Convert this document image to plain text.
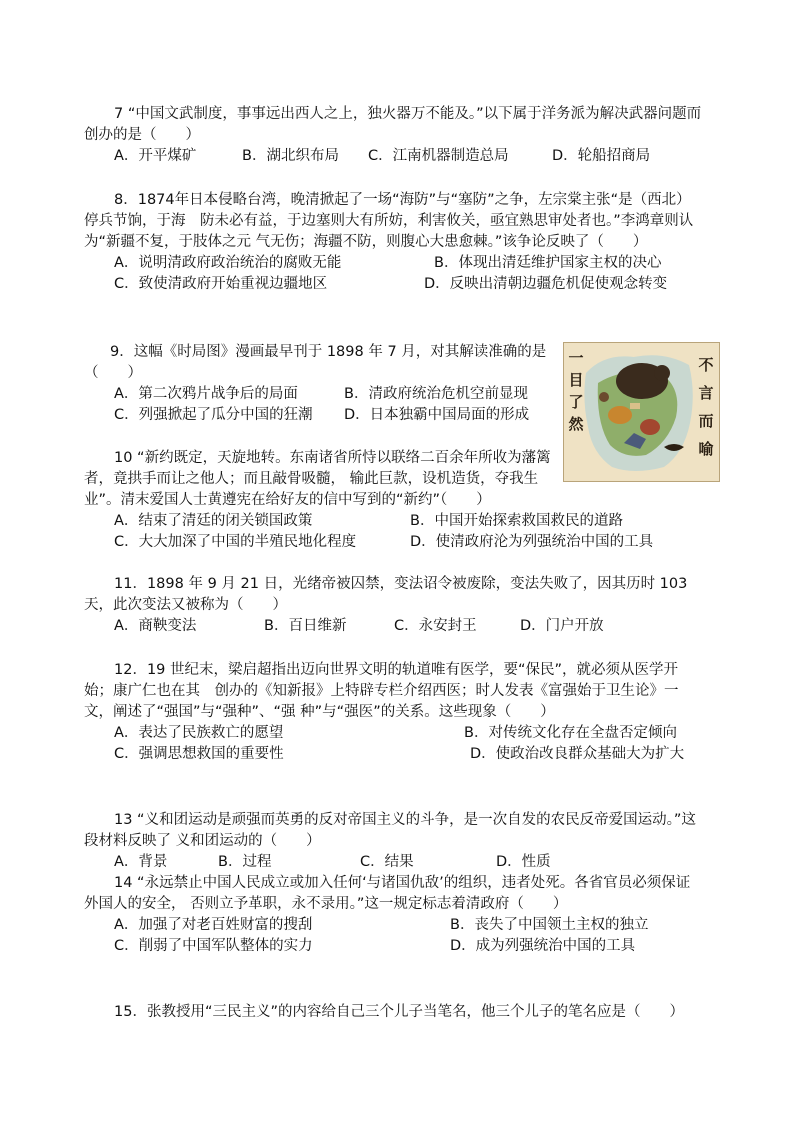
7 “中国文武制度，事事远出西人之上，独火器万不能及。”以下属于洋务派为解决武器问题而创办的是（　　）

A．开平煤矿	B．湖北织布局 C．江南机器制造总局	D．轮船招商局

8．1874年日本侵略台湾，晚清掀起了一场“海防”与“塞防”之争，左宗棠主张“是（西北）停兵节饷，于海　防未必有益，于边塞则大有所妨，利害攸关，亟宜熟思审处者也。”李鸿章则认为“新疆不复，于肢体之元 气无伤；海疆不防，则腹心大患愈棘。”该争论反映了（　　）

A．说明清政府政治统治的腐败无能	B．体现出清廷维护国家主权的决心
C．致使清政府开始重视边疆地区	D．反映出清朝边疆危机促使观念转变

9．这幅《时局图》漫画最早刊于 1898 年 7 月，对其解读准确的是（　　）

A．第二次鸦片战争后的局面	B．清政府统治危机空前显现
C．列强掀起了瓜分中国的狂潮 D．日本独霸中国局面的形成
一
目
了
然
不
言
而
喻

10 “新约既定，天旋地转。东南诸省所恃以联络二百余年所收为藩篱者，竟拱手而让之他人；而且敲骨吸髓， 输此巨款，设机造货，夺我生业”。清末爱国人士黄遵宪在给好友的信中写到的“新约”（　　）

A．结束了清廷的闭关锁国政策	B．中国开始探索救国救民的道路
C．大大加深了中国的半殖民地化程度	D．使清政府沦为列强统治中国的工具

11．1898 年 9 月 21 日，光绪帝被囚禁，变法诏令被废除，变法失败了，因其历时 103 天，此次变法又被称为（　　）

A．商鞅变法	B．百日维新	C．永安封王	D．门户开放

12．19 世纪末，梁启超指出迈向世界文明的轨道唯有医学，要“保民”，就必须从医学开始；康广仁也在其　创办的《知新报》上特辟专栏介绍西医；时人发表《富强始于卫生论》一文，阐述了“强国”与“强种”、“强 种”与“强医”的关系。这些现象（　　）

A．表达了民族救亡的愿望	B．对传统文化存在全盘否定倾向
C．强调思想救国的重要性	D．使政治改良群众基础大为扩大

13 “义和团运动是顽强而英勇的反对帝国主义的斗争，是一次自发的农民反帝爱国运动。”这段材料反映了 义和团运动的（　　）

A．背景	B．过程	C．结果	D．性质

14 “永远禁止中国人民成立或加入任何‘与诸国仇敌’的组织，违者处死。各省官员必须保证外国人的安全， 否则立予革职，永不录用。”这一规定标志着清政府（　　）

A．加强了对老百姓财富的搜刮	B．丧失了中国领土主权的独立
C．削弱了中国军队整体的实力	D．成为列强统治中国的工具

15．张教授用“三民主义”的内容给自己三个儿子当笔名，他三个儿子的笔名应是（　　）
